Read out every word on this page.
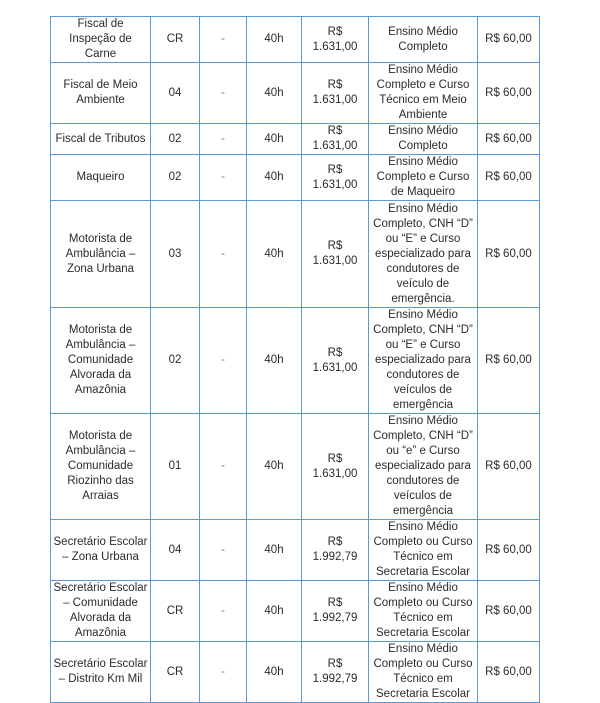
Fiscal de Inspeção de Carne	CR	-	40h	R$ 1.631,00	Ensino Médio Completo	R$ 60,00
Fiscal de Meio Ambiente	04	-	40h	R$ 1.631,00	Ensino Médio Completo e Curso Técnico em Meio Ambiente	R$ 60,00
Fiscal de Tributos	02	-	40h	R$ 1.631,00	Ensino Médio Completo	R$ 60,00
Maqueiro	02	-	40h	R$ 1.631,00	Ensino Médio Completo e Curso de Maqueiro	R$ 60,00
Motorista de Ambulância – Zona Urbana	03	-	40h	R$ 1.631,00	Ensino Médio Completo, CNH “D” ou “E” e Curso especializado para condutores de veículo de emergência.	R$ 60,00
Motorista de Ambulância – Comunidade Alvorada da Amazônia	02	-	40h	R$ 1.631,00	Ensino Médio Completo, CNH “D” ou “E” e Curso especializado para condutores de veículos de emergência	R$ 60,00
Motorista de Ambulância – Comunidade Riozinho das Arraias	01	-	40h	R$ 1.631,00	Ensino Médio Completo, CNH “D” ou “e” e Curso especializado para condutores de veículos de emergência	R$ 60,00
Secretário Escolar – Zona Urbana	04	-	40h	R$ 1.992,79	Ensino Médio Completo ou Curso Técnico em Secretaria Escolar	R$ 60,00
Secretário Escolar – Comunidade Alvorada da Amazônia	CR	-	40h	R$ 1.992,79	Ensino Médio Completo ou Curso Técnico em Secretaria Escolar	R$ 60,00
Secretário Escolar – Distrito Km Mil	CR	-	40h	R$ 1.992,79	Ensino Médio Completo ou Curso Técnico em Secretaria Escolar	R$ 60,00
